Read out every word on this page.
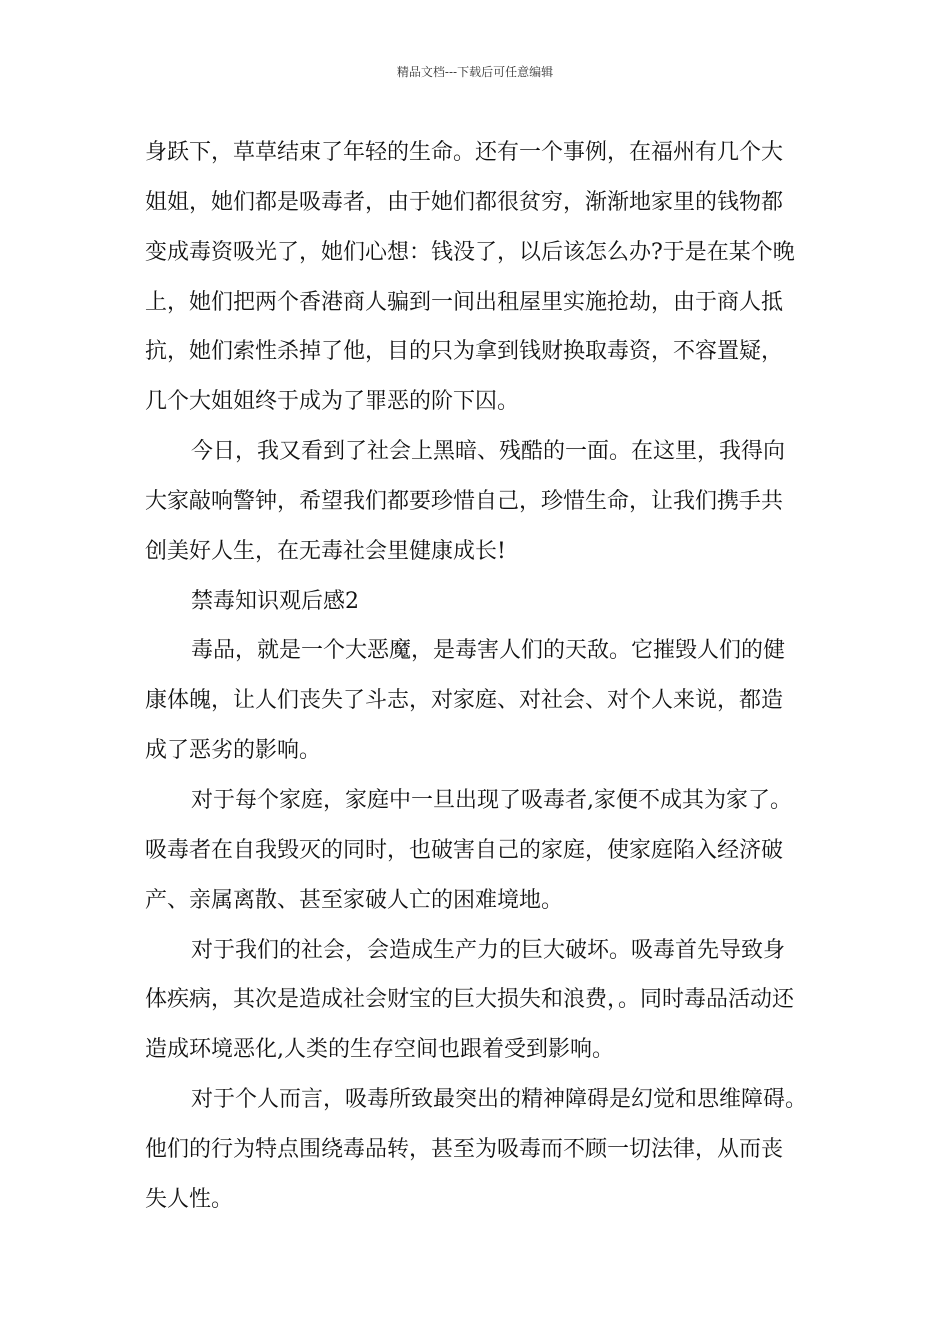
精品文档---下载后可任意编辑
身跃下，草草结束了年轻的生命。还有一个事例，在福州有几个大
姐姐，她们都是吸毒者，由于她们都很贫穷，渐渐地家里的钱物都
变成毒资吸光了，她们心想：钱没了，以后该怎么办?于是在某个晚
上，她们把两个香港商人骗到一间出租屋里实施抢劫，由于商人抵
抗，她们索性杀掉了他，目的只为拿到钱财换取毒资，不容置疑，
几个大姐姐终于成为了罪恶的阶下囚。
今日，我又看到了社会上黑暗、残酷的一面。在这里，我得向
大家敲响警钟，希望我们都要珍惜自己，珍惜生命，让我们携手共
创美好人生，在无毒社会里健康成长!
禁毒知识观后感2
毒品，就是一个大恶魔，是毒害人们的天敌。它摧毁人们的健
康体魄，让人们丧失了斗志，对家庭、对社会、对个人来说，都造
成了恶劣的影响。
对于每个家庭，家庭中一旦出现了吸毒者,家便不成其为家了。
吸毒者在自我毁灭的同时，也破害自己的家庭，使家庭陷入经济破
产、亲属离散、甚至家破人亡的困难境地。
对于我们的社会，会造成生产力的巨大破坏。吸毒首先导致身
体疾病，其次是造成社会财宝的巨大损失和浪费，。同时毒品活动还
造成环境恶化,人类的生存空间也跟着受到影响。
对于个人而言，吸毒所致最突出的精神障碍是幻觉和思维障碍。
他们的行为特点围绕毒品转，甚至为吸毒而不顾一切法律，从而丧
失人性。
